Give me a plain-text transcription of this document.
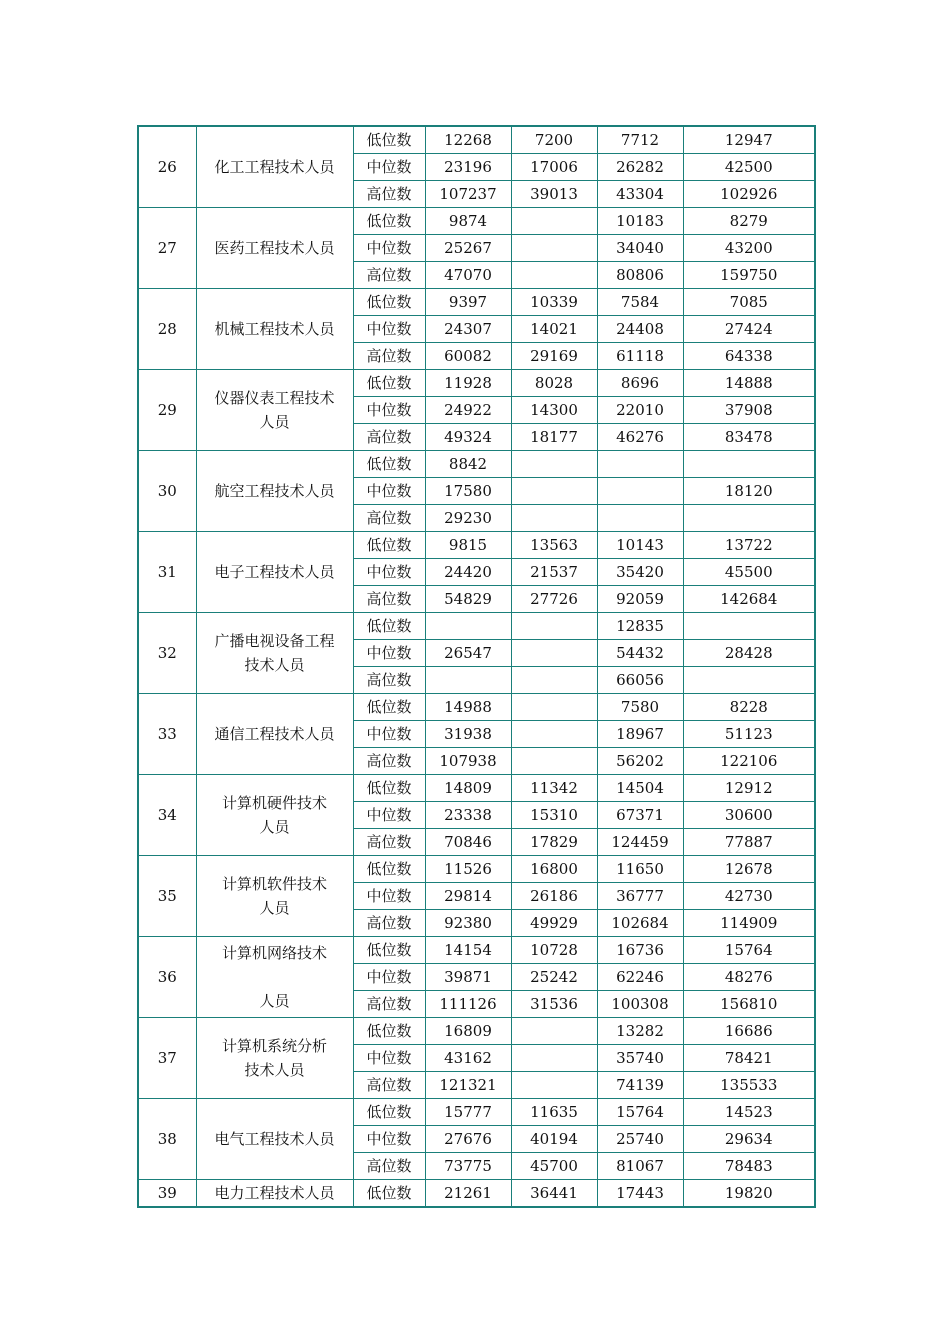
26	化工工程技术人员	低位数	12268	7200	7712	12947
		中位数	23196	17006	26282	42500
		高位数	107237	39013	43304	102926
27	医药工程技术人员	低位数	9874		10183	8279
		中位数	25267		34040	43200
		高位数	47070		80806	159750
28	机械工程技术人员	低位数	9397	10339	7584	7085
		中位数	24307	14021	24408	27424
		高位数	60082	29169	61118	64338
29	仪器仪表工程技术
人员	低位数	11928	8028	8696	14888
		中位数	24922	14300	22010	37908
		高位数	49324	18177	46276	83478
30	航空工程技术人员	低位数	8842			
		中位数	17580			18120
		高位数	29230			
31	电子工程技术人员	低位数	9815	13563	10143	13722
		中位数	24420	21537	35420	45500
		高位数	54829	27726	92059	142684
32	广播电视设备工程
技术人员	低位数			12835	
		中位数	26547		54432	28428
		高位数			66056	
33	通信工程技术人员	低位数	14988		7580	8228
		中位数	31938		18967	51123
		高位数	107938		56202	122106
34	计算机硬件技术
人员	低位数	14809	11342	14504	12912
		中位数	23338	15310	67371	30600
		高位数	70846	17829	124459	77887
35	计算机软件技术
人员	低位数	11526	16800	11650	12678
		中位数	29814	26186	36777	42730
		高位数	92380	49929	102684	114909
36	计算机网络技术
人员	低位数	14154	10728	16736	15764
		中位数	39871	25242	62246	48276
		高位数	111126	31536	100308	156810
37	计算机系统分析
技术人员	低位数	16809		13282	16686
		中位数	43162		35740	78421
		高位数	121321		74139	135533
38	电气工程技术人员	低位数	15777	11635	15764	14523
		中位数	27676	40194	25740	29634
		高位数	73775	45700	81067	78483
39	电力工程技术人员	低位数	21261	36441	17443	19820
